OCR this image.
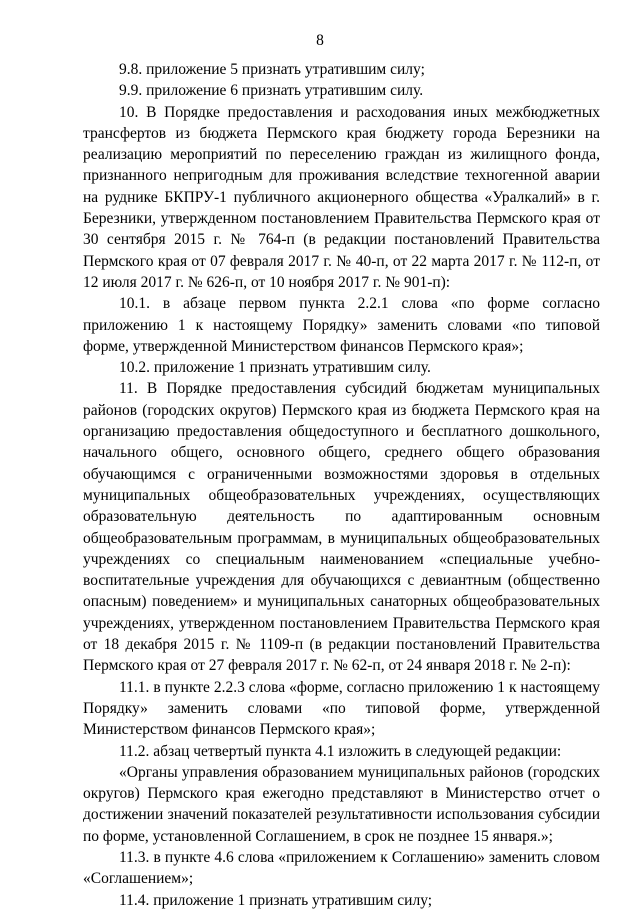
8

9.8. приложение 5 признать утратившим силу;

9.9. приложение 6 признать утратившим силу.

10. В Порядке предоставления и расходования иных межбюджетных трансфертов из бюджета Пермского края бюджету города Березники на реализацию мероприятий по переселению граждан из жилищного фонда, признанного непригодным для проживания вследствие техногенной аварии на руднике БКПРУ-1 публичного акционерного общества «Уралкалий» в г. Березники, утвержденном постановлением Правительства Пермского края от 30 сентября 2015 г. № 764-п (в редакции постановлений Правительства Пермского края от 07 февраля 2017 г. № 40-п, от 22 марта 2017 г. № 112-п, от 12 июля 2017 г. № 626-п, от 10 ноября 2017 г. № 901-п):

10.1. в абзаце первом пункта 2.2.1 слова «по форме согласно приложению 1 к настоящему Порядку» заменить словами «по типовой форме, утвержденной Министерством финансов Пермского края»;

10.2. приложение 1 признать утратившим силу.

11. В Порядке предоставления субсидий бюджетам муниципальных районов (городских округов) Пермского края из бюджета Пермского края на организацию предоставления общедоступного и бесплатного дошкольного, начального общего, основного общего, среднего общего образования обучающимся с ограниченными возможностями здоровья в отдельных муниципальных общеобразовательных учреждениях, осуществляющих образовательную деятельность по адаптированным основным общеобразовательным программам, в муниципальных общеобразовательных учреждениях со специальным наименованием «специальные учебно-воспитательные учреждения для обучающихся с девиантным (общественно опасным) поведением» и муниципальных санаторных общеобразовательных учреждениях, утвержденном постановлением Правительства Пермского края от 18 декабря 2015 г. № 1109-п (в редакции постановлений Правительства Пермского края от 27 февраля 2017 г. № 62-п, от 24 января 2018 г. № 2-п):

11.1. в пункте 2.2.3 слова «форме, согласно приложению 1 к настоящему Порядку» заменить словами «по типовой форме, утвержденной Министерством финансов Пермского края»;

11.2. абзац четвертый пункта 4.1 изложить в следующей редакции:

«Органы управления образованием муниципальных районов (городских округов) Пермского края ежегодно представляют в Министерство отчет о достижении значений показателей результативности использования субсидии по форме, установленной Соглашением, в срок не позднее 15 января.»;

11.3. в пункте 4.6 слова «приложением к Соглашению» заменить словом «Соглашением»;

11.4. приложение 1 признать утратившим силу;
